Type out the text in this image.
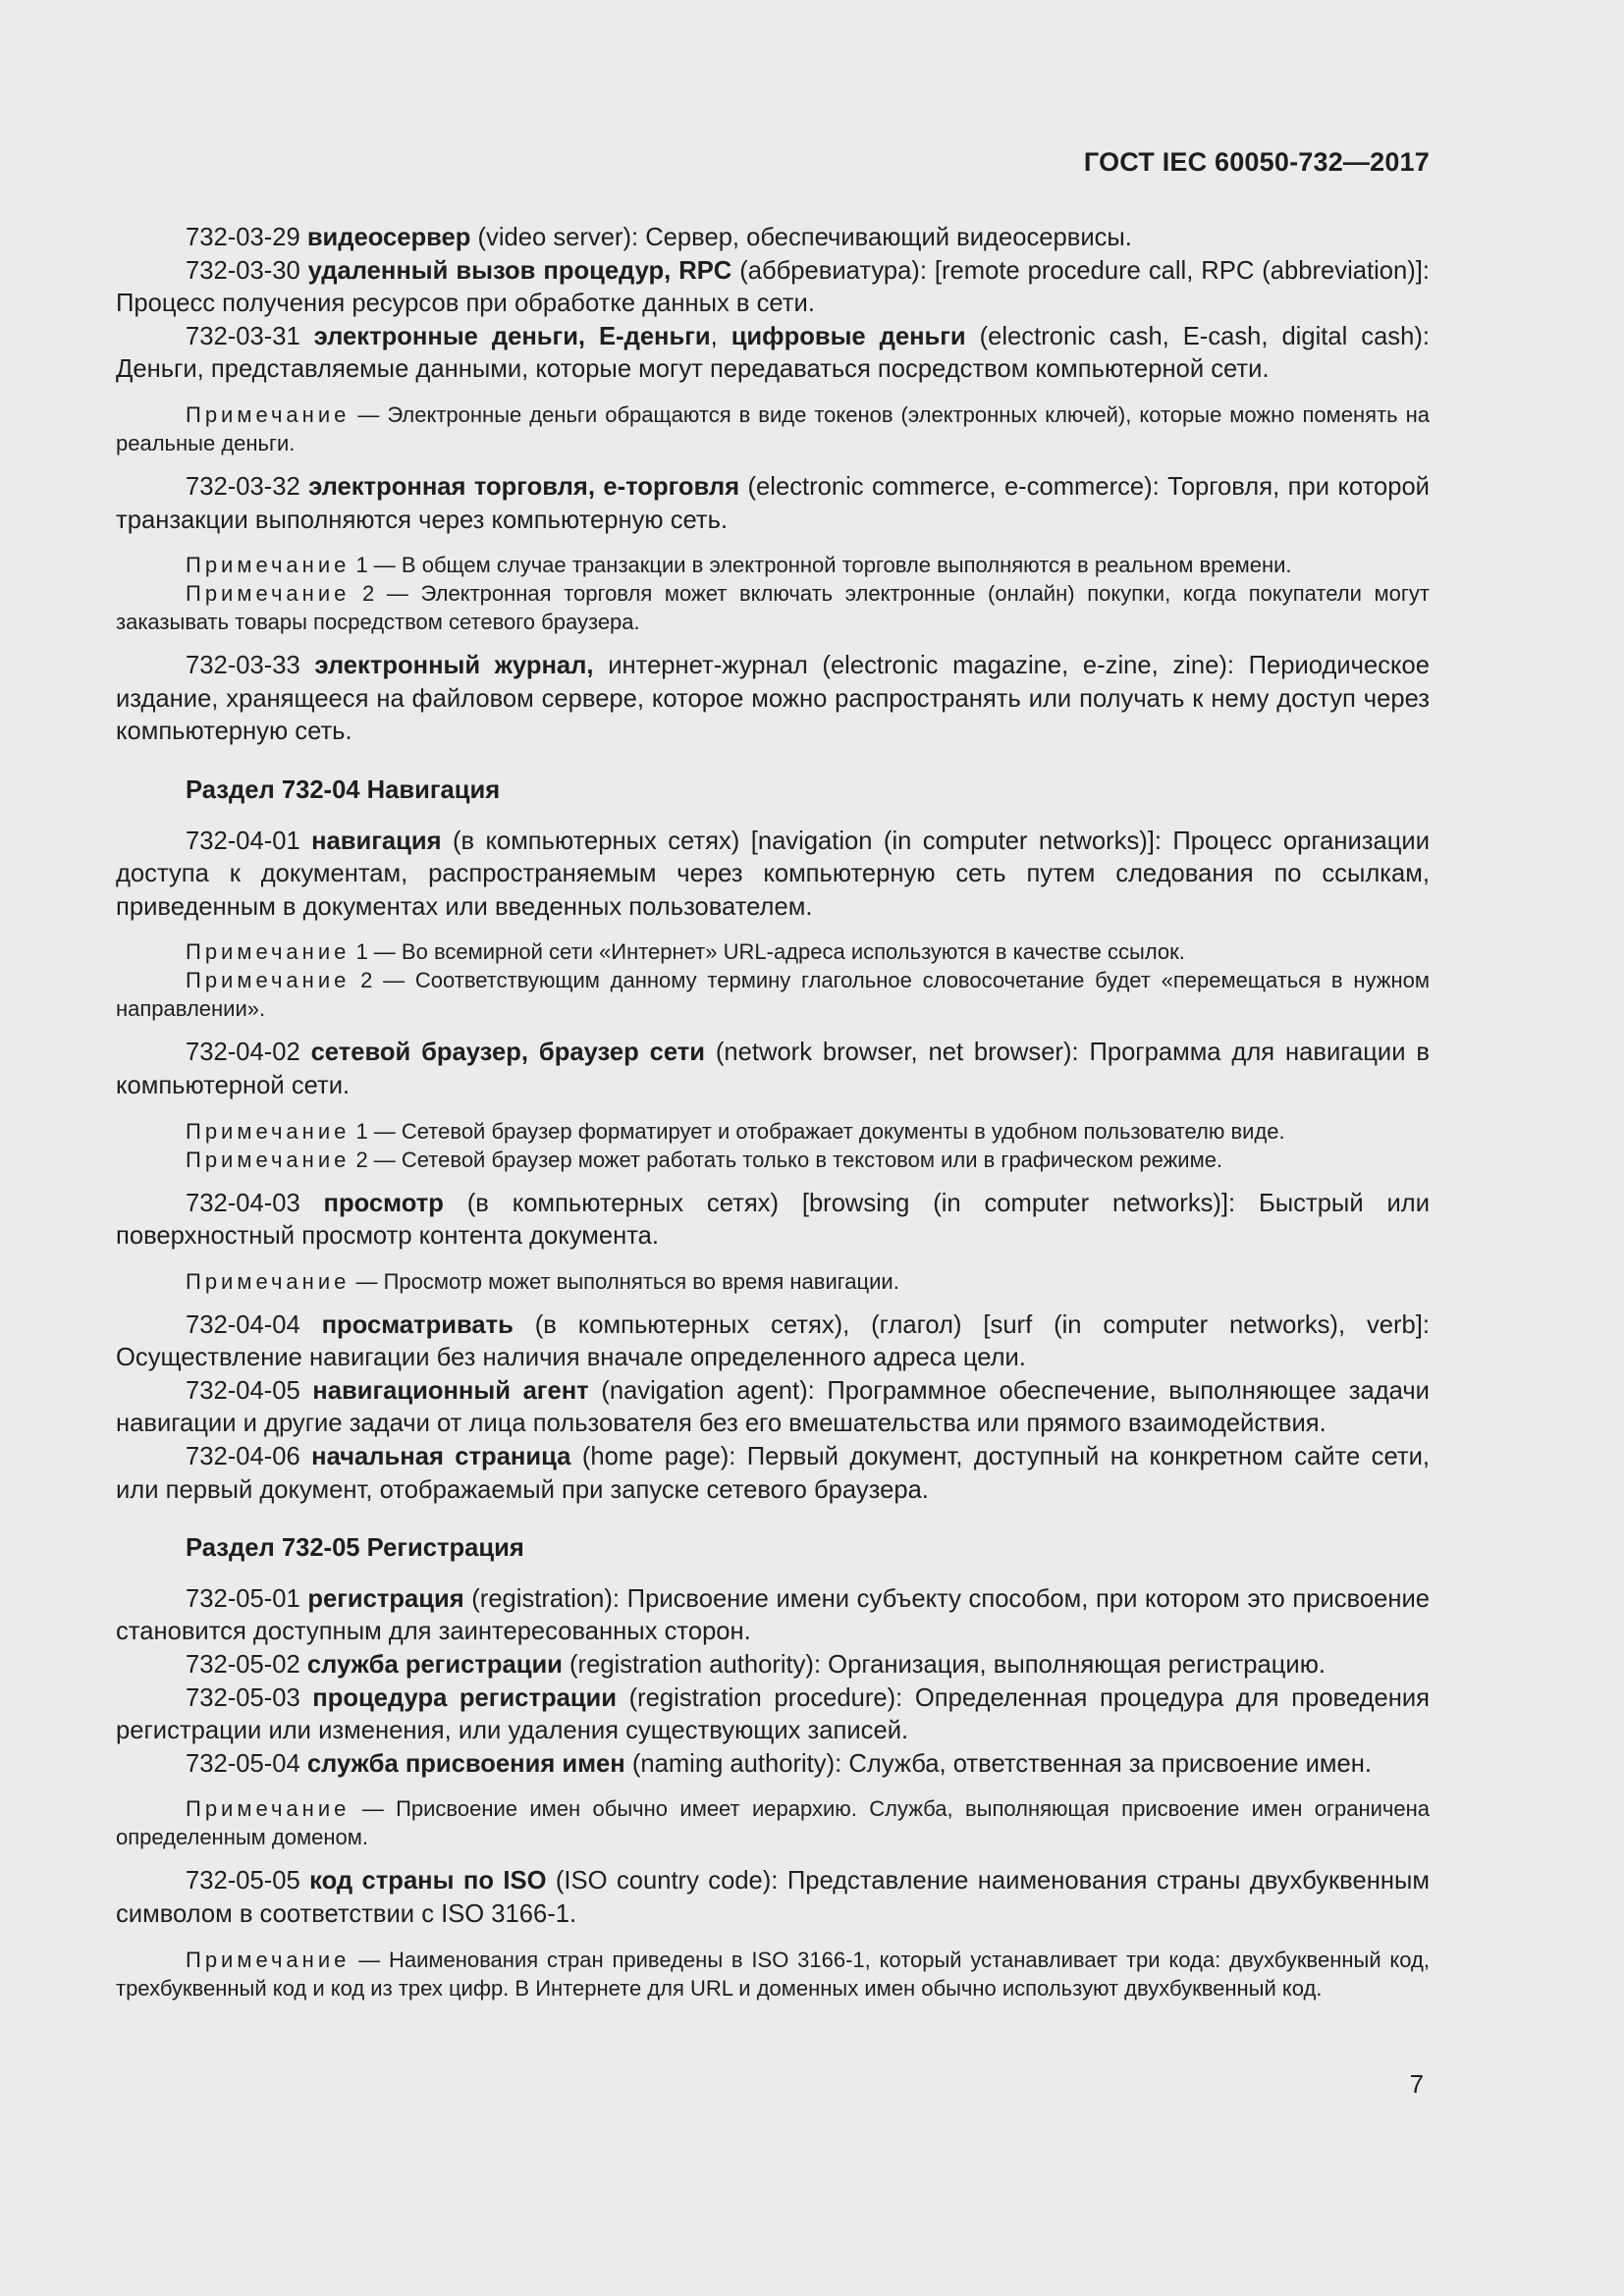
ГОСТ IEC 60050-732—2017

732-03-29 видеосервер (video server): Сервер, обеспечивающий видеосервисы.

732-03-30 удаленный вызов процедур, RPC (аббревиатура): [remote procedure call, RPC (abbreviation)]: Процесс получения ресурсов при обработке данных в сети.

732-03-31 электронные деньги, Е-деньги, цифровые деньги (electronic cash, E-cash, digital cash): Деньги, представляемые данными, которые могут передаваться посредством компьютерной сети.

Примечание — Электронные деньги обращаются в виде токенов (электронных ключей), которые можно поменять на реальные деньги.

732-03-32 электронная торговля, е-торговля (electronic commerce, e-commerce): Торговля, при которой транзакции выполняются через компьютерную сеть.

Примечание 1 — В общем случае транзакции в электронной торговле выполняются в реальном времени.

Примечание 2 — Электронная торговля может включать электронные (онлайн) покупки, когда покупатели могут заказывать товары посредством сетевого браузера.

732-03-33 электронный журнал, интернет-журнал (electronic magazine, e-zine, zine): Периодическое издание, хранящееся на файловом сервере, которое можно распространять или получать к нему доступ через компьютерную сеть.

Раздел 732-04 Навигация

732-04-01 навигация (в компьютерных сетях) [navigation (in computer networks)]: Процесс организации доступа к документам, распространяемым через компьютерную сеть путем следования по ссылкам, приведенным в документах или введенных пользователем.

Примечание 1 — Во всемирной сети «Интернет» URL-адреса используются в качестве ссылок.

Примечание 2 — Соответствующим данному термину глагольное словосочетание будет «перемещаться в нужном направлении».

732-04-02 сетевой браузер, браузер сети (network browser, net browser): Программа для навигации в компьютерной сети.

Примечание 1 — Сетевой браузер форматирует и отображает документы в удобном пользователю виде.

Примечание 2 — Сетевой браузер может работать только в текстовом или в графическом режиме.

732-04-03 просмотр (в компьютерных сетях) [browsing (in computer networks)]: Быстрый или поверхностный просмотр контента документа.

Примечание — Просмотр может выполняться во время навигации.

732-04-04 просматривать (в компьютерных сетях), (глагол) [surf (in computer networks), verb]: Осуществление навигации без наличия вначале определенного адреса цели.

732-04-05 навигационный агент (navigation agent): Программное обеспечение, выполняющее задачи навигации и другие задачи от лица пользователя без его вмешательства или прямого взаимодействия.

732-04-06 начальная страница (home page): Первый документ, доступный на конкретном сайте сети, или первый документ, отображаемый при запуске сетевого браузера.

Раздел 732-05 Регистрация

732-05-01 регистрация (registration): Присвоение имени субъекту способом, при котором это присвоение становится доступным для заинтересованных сторон.

732-05-02 служба регистрации (registration authority): Организация, выполняющая регистрацию.

732-05-03 процедура регистрации (registration procedure): Определенная процедура для проведения регистрации или изменения, или удаления существующих записей.

732-05-04 служба присвоения имен (naming authority): Служба, ответственная за присвоение имен.

Примечание — Присвоение имен обычно имеет иерархию. Служба, выполняющая присвоение имен ограничена определенным доменом.

732-05-05 код страны по ISO (ISO country code): Представление наименования страны двухбуквенным символом в соответствии с ISO 3166-1.

Примечание — Наименования стран приведены в ISO 3166-1, который устанавливает три кода: двухбуквенный код, трехбуквенный код и код из трех цифр. В Интернете для URL и доменных имен обычно используют двухбуквенный код.

7
